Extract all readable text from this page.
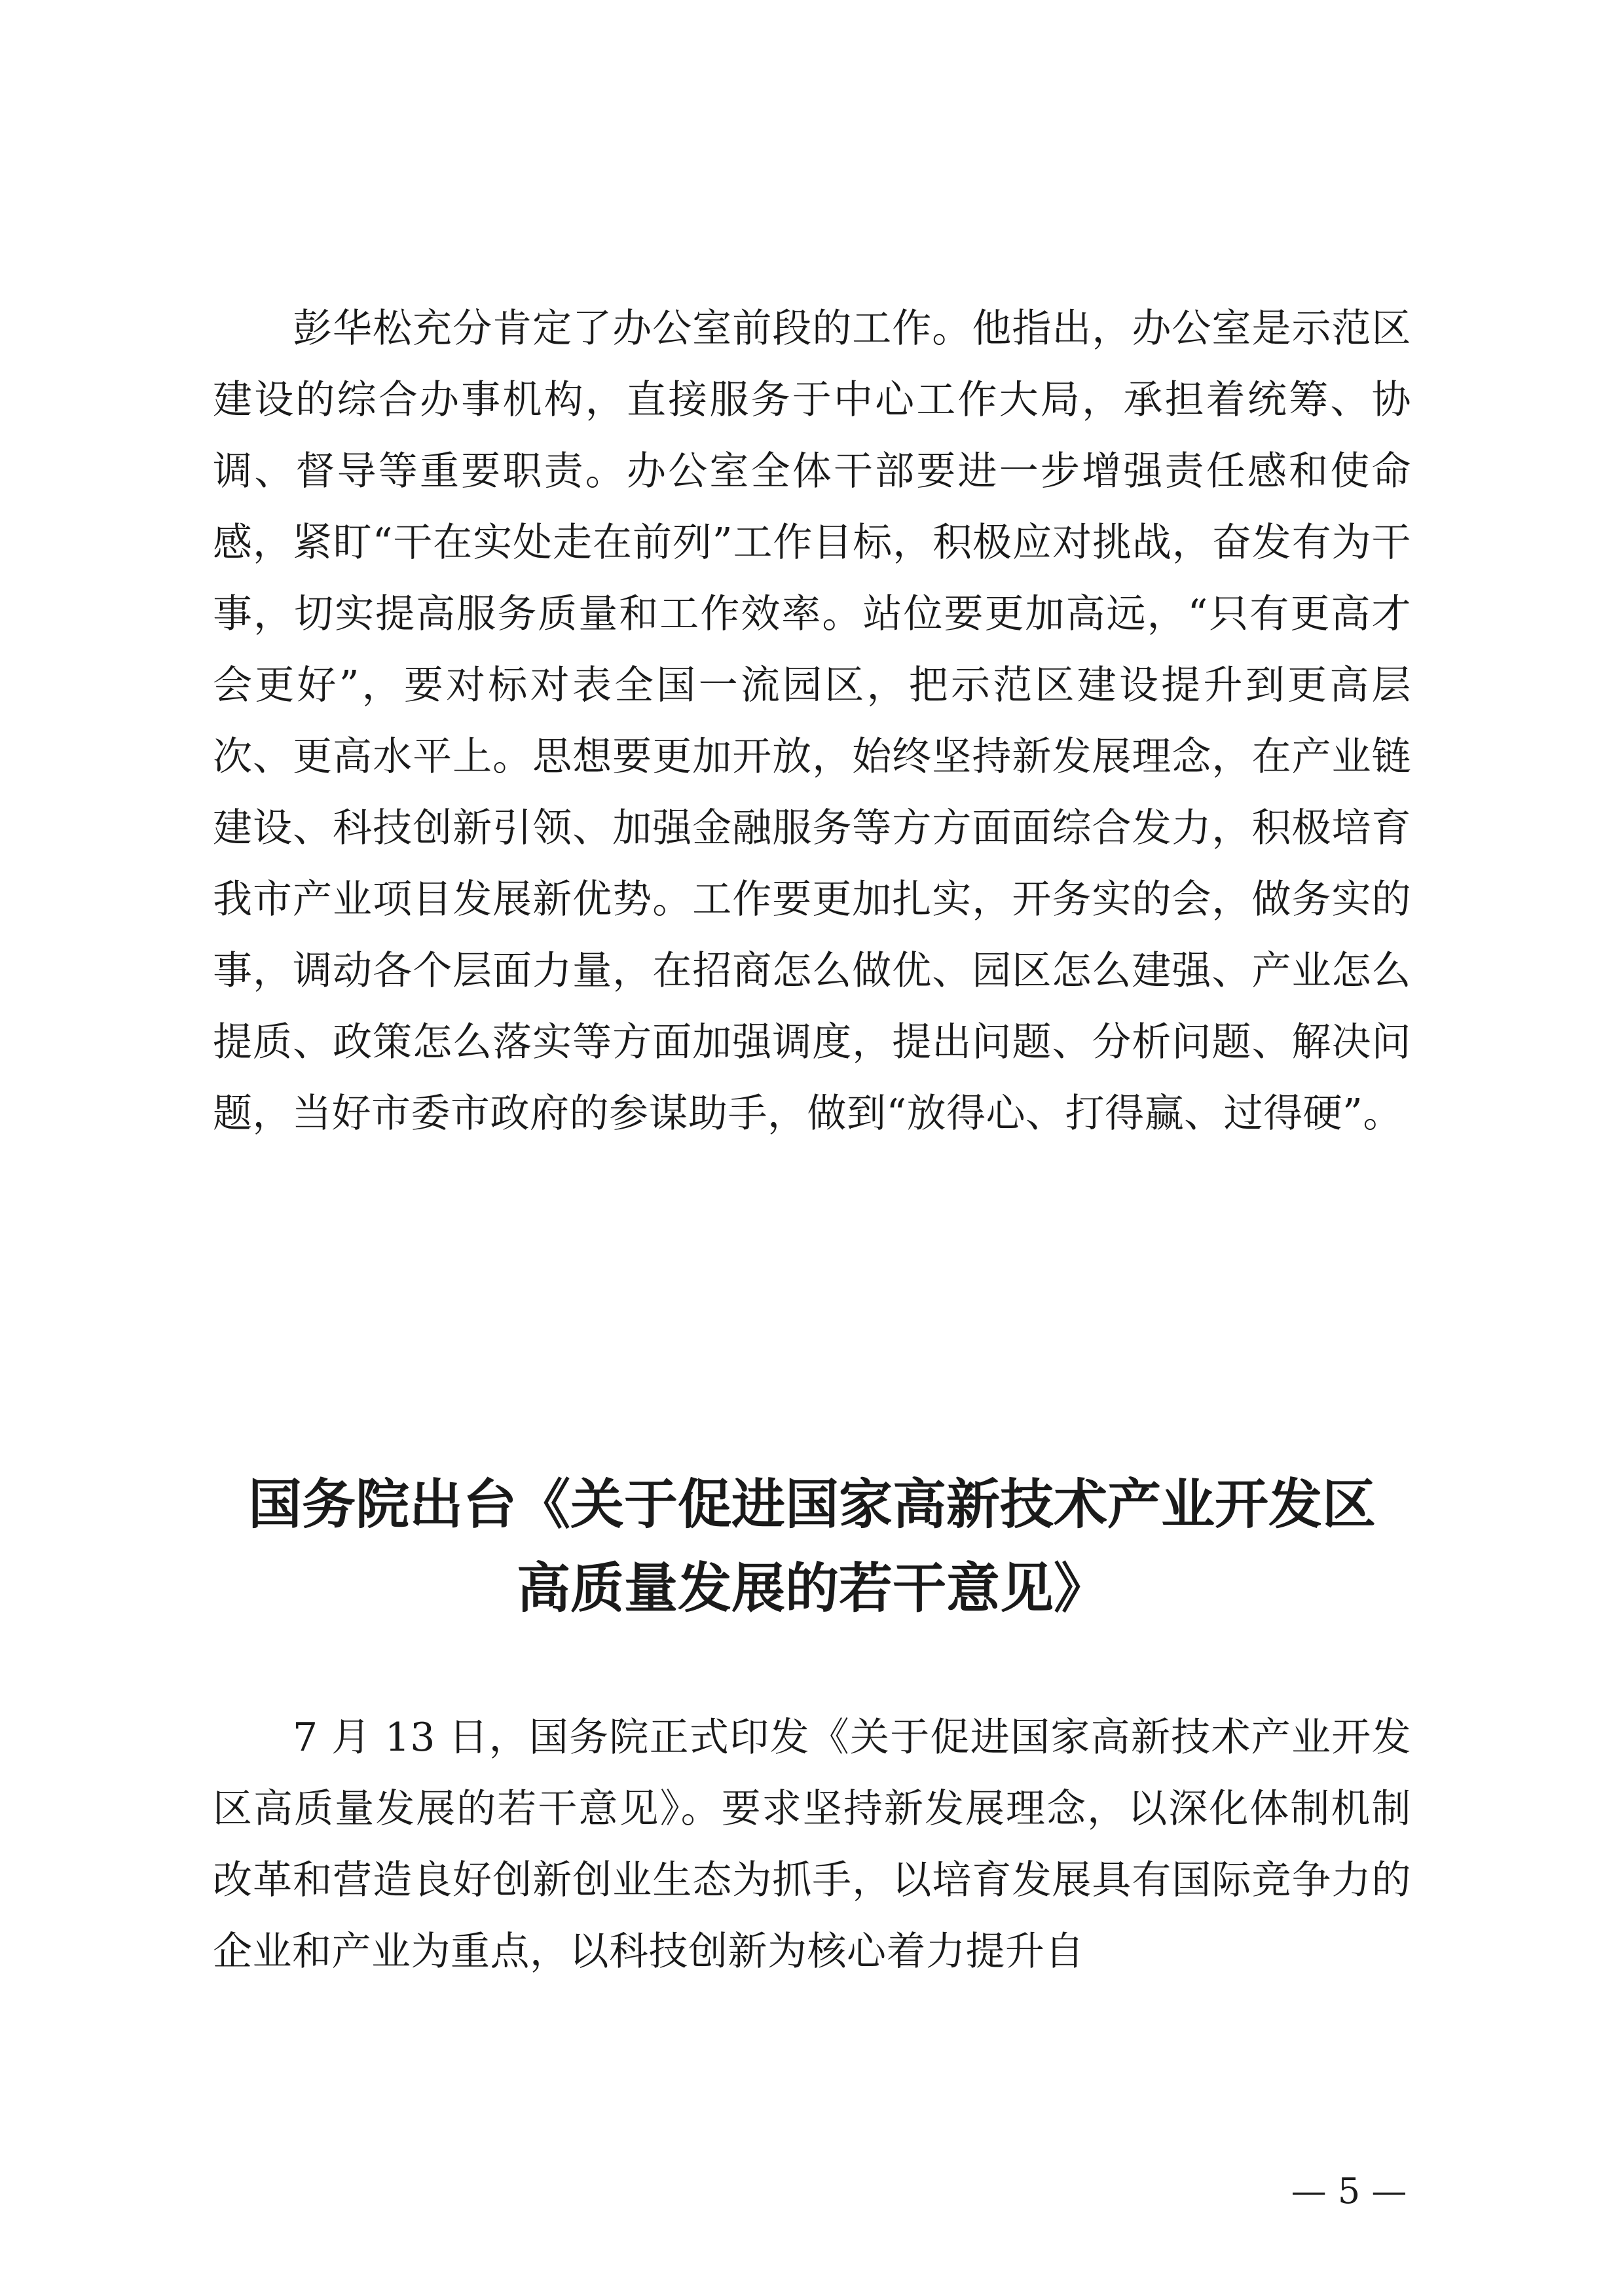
彭华松充分肯定了办公室前段的工作。他指出，办公室是示范区建设的综合办事机构，直接服务于中心工作大局，承担着统筹、协调、督导等重要职责。办公室全体干部要进一步增强责任感和使命感，紧盯“干在实处走在前列”工作目标，积极应对挑战，奋发有为干事，切实提高服务质量和工作效率。站位要更加高远，“只有更高才会更好”，要对标对表全国一流园区，把示范区建设提升到更高层次、更高水平上。思想要更加开放，始终坚持新发展理念，在产业链建设、科技创新引领、加强金融服务等方方面面综合发力，积极培育我市产业项目发展新优势。工作要更加扎实，开务实的会，做务实的事，调动各个层面力量，在招商怎么做优、园区怎么建强、产业怎么提质、政策怎么落实等方面加强调度，提出问题、分析问题、解决问题，当好市委市政府的参谋助手，做到“放得心、打得赢、过得硬”。

国务院出台《关于促进国家高新技术产业开发区
高质量发展的若干意见》

7 月 13 日，国务院正式印发《关于促进国家高新技术产业开发区高质量发展的若干意见》。要求坚持新发展理念，以深化体制机制改革和营造良好创新创业生态为抓手，以培育发展具有国际竞争力的企业和产业为重点，以科技创新为核心着力提升自

— 5 —
